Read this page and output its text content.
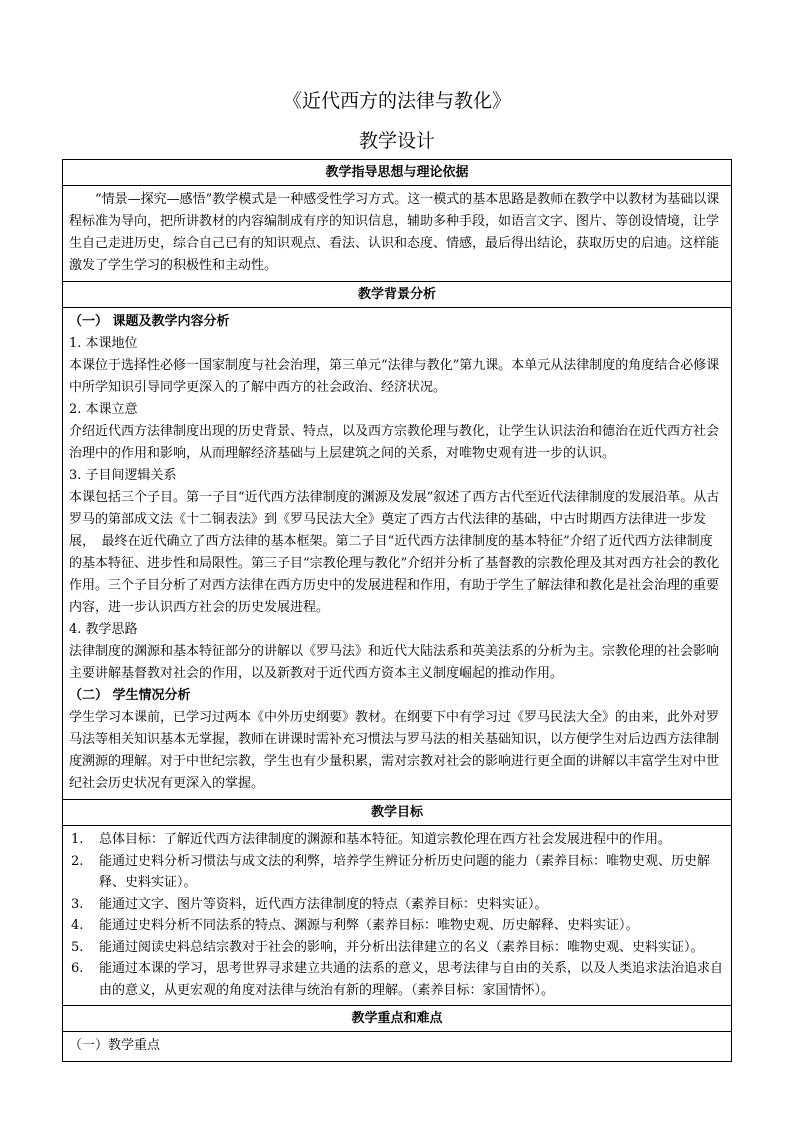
《近代西方的法律与教化》
教学设计
教学指导思想与理论依据

“情景—探究—感悟”教学模式是一种感受性学习方式。这一模式的基本思路是教师在教学中以教材为基础以课程标准为导向，把所讲教材的内容编制成有序的知识信息，辅助多种手段，如语言文字、图片、等创设情境，让学生自己走进历史，综合自己已有的知识观点、看法、认识和态度、情感，最后得出结论，获取历史的启迪。这样能激发了学生学习的积极性和主动性。

教学背景分析

（一） 课题及教学内容分析

1. 本课地位

本课位于选择性必修一国家制度与社会治理，第三单元“法律与教化”第九课。本单元从法律制度的角度结合必修课中所学知识引导同学更深入的了解中西方的社会政治、经济状况。

2. 本课立意

介绍近代西方法律制度出现的历史背景、特点，以及西方宗教伦理与教化，让学生认识法治和德治在近代西方社会治理中的作用和影响，从而理解经济基础与上层建筑之间的关系，对唯物史观有进一步的认识。

3. 子目间逻辑关系

本课包括三个子目。第一子目“近代西方法律制度的渊源及发展”叙述了西方古代至近代法律制度的发展沿革。从古罗马的第部成文法《十二铜表法》到《罗马民法大全》奠定了西方古代法律的基础，中古时期西方法律进一步发展，　最终在近代确立了西方法律的基本框架。第二子目“近代西方法律制度的基本特征”介绍了近代西方法律制度的基本特征、进步性和局限性。第三子目“宗教伦理与教化”介绍并分析了基督教的宗教伦理及其对西方社会的教化作用。三个子目分析了对西方法律在西方历史中的发展进程和作用，有助于学生了解法律和教化是社会治理的重要内容，进一步认识西方社会的历史发展进程。

4. 教学思路

法律制度的渊源和基本特征部分的讲解以《罗马法》和近代大陆法系和英美法系的分析为主。宗教伦理的社会影响主要讲解基督教对社会的作用，以及新教对于近代西方资本主义制度崛起的推动作用。

（二） 学生情况分析

学生学习本课前，已学习过两本《中外历史纲要》教材。在纲要下中有学习过《罗马民法大全》的由来，此外对罗马法等相关知识基本无掌握，教师在讲课时需补充习惯法与罗马法的相关基础知识，以方便学生对后边西方法律制度溯源的理解。对于中世纪宗教，学生也有少量积累，需对宗教对社会的影响进行更全面的讲解以丰富学生对中世纪社会历史状况有更深入的掌握。

教学目标
1. 总体目标：了解近代西方法律制度的渊源和基本特征。知道宗教伦理在西方社会发展进程中的作用。
2. 能通过史料分析习惯法与成文法的利弊，培养学生辨证分析历史问题的能力（素养目标：唯物史观、历史解释、史料实证）。
3. 能通过文字、图片等资料，近代西方法律制度的特点（素养目标：史料实证）。
4. 能通过史料分析不同法系的特点、渊源与利弊（素养目标：唯物史观、历史解释、史料实证）。
5. 能通过阅读史料总结宗教对于社会的影响，并分析出法律建立的名义（素养目标：唯物史观、史料实证）。
6. 能通过本课的学习，思考世界寻求建立共通的法系的意义，思考法律与自由的关系，以及人类追求法治追求自由的意义，从更宏观的角度对法律与统治有新的理解。（素养目标：家国情怀）。
教学重点和难点

（一）教学重点
